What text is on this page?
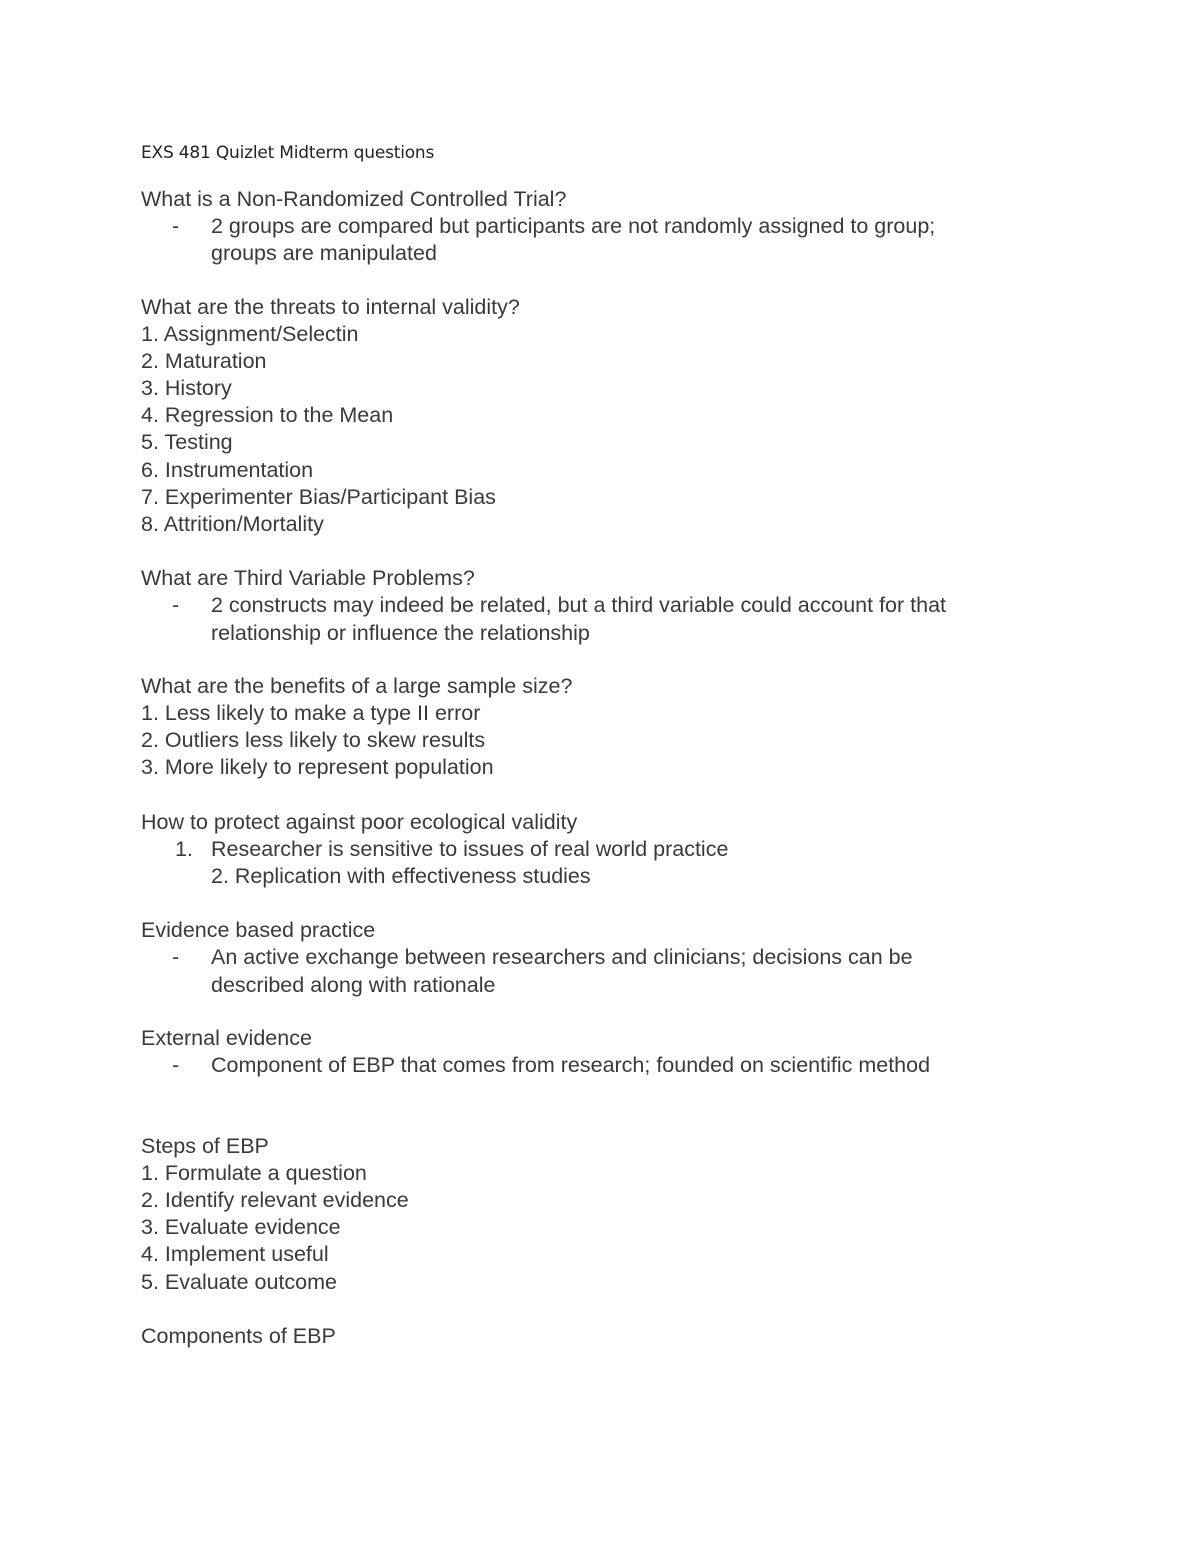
EXS 481 Quizlet Midterm questions
What is a Non-Randomized Controlled Trial?
- 2 groups are compared but participants are not randomly assigned to group;
groups are manipulated
What are the threats to internal validity?
1. Assignment/Selectin
2. Maturation
3. History
4. Regression to the Mean
5. Testing
6. Instrumentation
7. Experimenter Bias/Participant Bias
8. Attrition/Mortality
What are Third Variable Problems?
- 2 constructs may indeed be related, but a third variable could account for that
relationship or influence the relationship
What are the benefits of a large sample size?
1. Less likely to make a type II error
2. Outliers less likely to skew results
3. More likely to represent population
How to protect against poor ecological validity
1. Researcher is sensitive to issues of real world practice
2. Replication with effectiveness studies
Evidence based practice
- An active exchange between researchers and clinicians; decisions can be
described along with rationale
External evidence
- Component of EBP that comes from research; founded on scientific method
Steps of EBP
1. Formulate a question
2. Identify relevant evidence
3. Evaluate evidence
4. Implement useful
5. Evaluate outcome
Components of EBP
